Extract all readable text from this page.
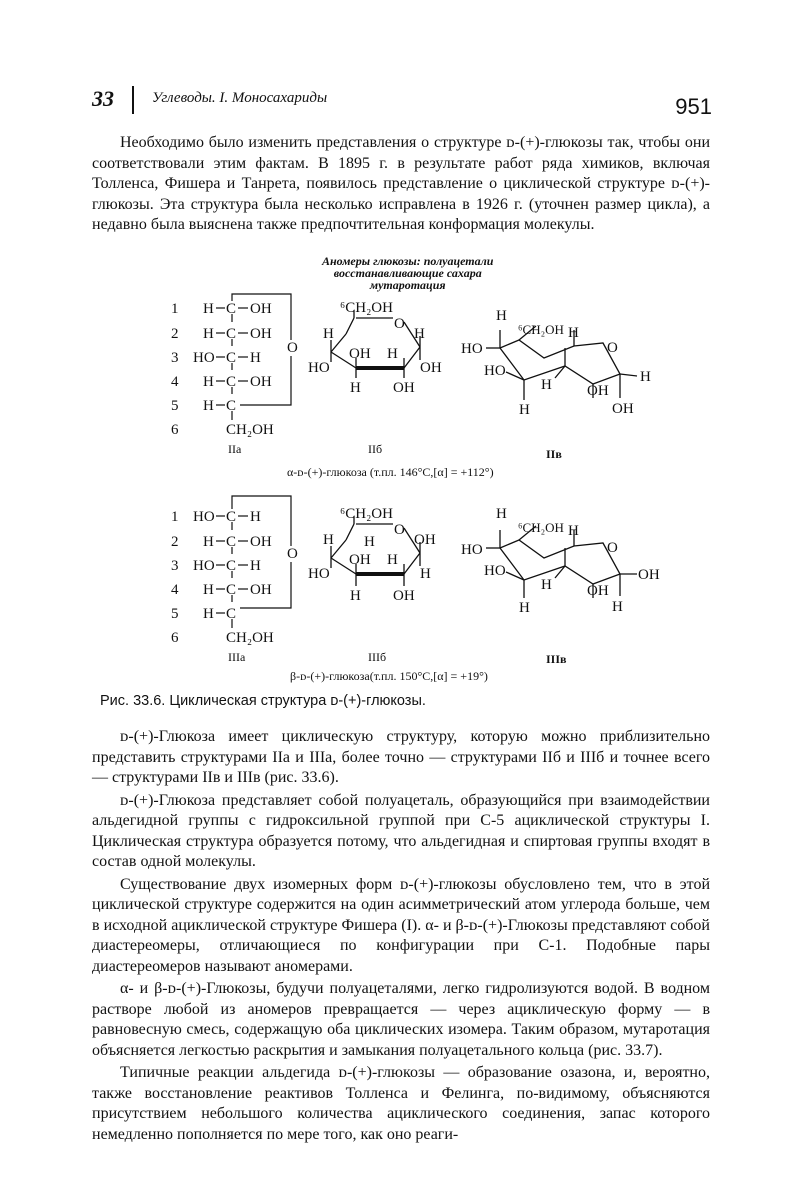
33	Углеводы. I. Моносахариды	951

Необходимо было изменить представления о структуре ᴅ-(+)-глюкозы так, чтобы они соответствовали этим фактам. В 1895 г. в результате работ ряда химиков, включая Толленса, Фишера и Танрета, появилось представление о циклической структуре ᴅ-(+)-глюкозы. Эта структура была несколько исправлена в 1926 г. (уточнен размер цикла), а недавно была выяснена также предпочтительная конформация молекулы.

Аномеры глюкозы: полуацетали
восстанавливающие сахара
мутаротация
1
2
3
4
5
6
H C OH
H C OH
HO C H
H C OH
H C
CH₂OH
O
IIа
⁶CH₂OH
O
H	H
HO	OH
OH H
H OH
IIб
H
⁶CH₂OH H
O
HO
HO
H OH
H
H	OH
IIв
α-ᴅ-(+)-глюкоза (т.пл. 146°C,[α] = +112°)
1
2
3
4
5
6
HO C H
H C OH
HO C H
H C OH
H C
CH₂OH
O
IIIа
⁶CH₂OH
O
H	OH
H
HO	H
OH H
H OH
IIIб
H
⁶CH₂OH H
O
HO
HO
H OH
OH
H	H
IIIв
β-ᴅ-(+)-глюкоза(т.пл. 150°C,[α] = +19°)
Рис. 33.6. Циклическая структура ᴅ-(+)-глюкозы.

ᴅ-(+)-Глюкоза имеет циклическую структуру, которую можно приблизительно представить структурами IIа и IIIа, более точно — структурами IIб и IIIб и точнее всего — структурами IIв и IIIв (рис. 33.6).

ᴅ-(+)-Глюкоза представляет собой полуацеталь, образующийся при взаимодействии альдегидной группы с гидроксильной группой при С-5 ациклической структуры I. Циклическая структура образуется потому, что альдегидная и спиртовая группы входят в состав одной молекулы.

Существование двух изомерных форм ᴅ-(+)-глюкозы обусловлено тем, что в этой циклической структуре содержится на один асимметрический атом углерода больше, чем в исходной ациклической структуре Фишера (I). α- и β-ᴅ-(+)-Глюкозы представляют собой диастереомеры, отличающиеся по конфигурации при С-1. Подобные пары диастереомеров называют аномерами.

α- и β-ᴅ-(+)-Глюкозы, будучи полуацеталями, легко гидролизуются водой. В водном растворе любой из аномеров превращается — через ациклическую форму — в равновесную смесь, содержащую оба циклических изомера. Таким образом, мутаротация объясняется легкостью раскрытия и замыкания полуацетального кольца (рис. 33.7).

Типичные реакции альдегида ᴅ-(+)-глюкозы — образование озазона, и, вероятно, также восстановление реактивов Толленса и Фелинга, по-видимому, объясняются присутствием небольшого количества ациклического соединения, запас которого немедленно пополняется по мере того, как оно реаги-
